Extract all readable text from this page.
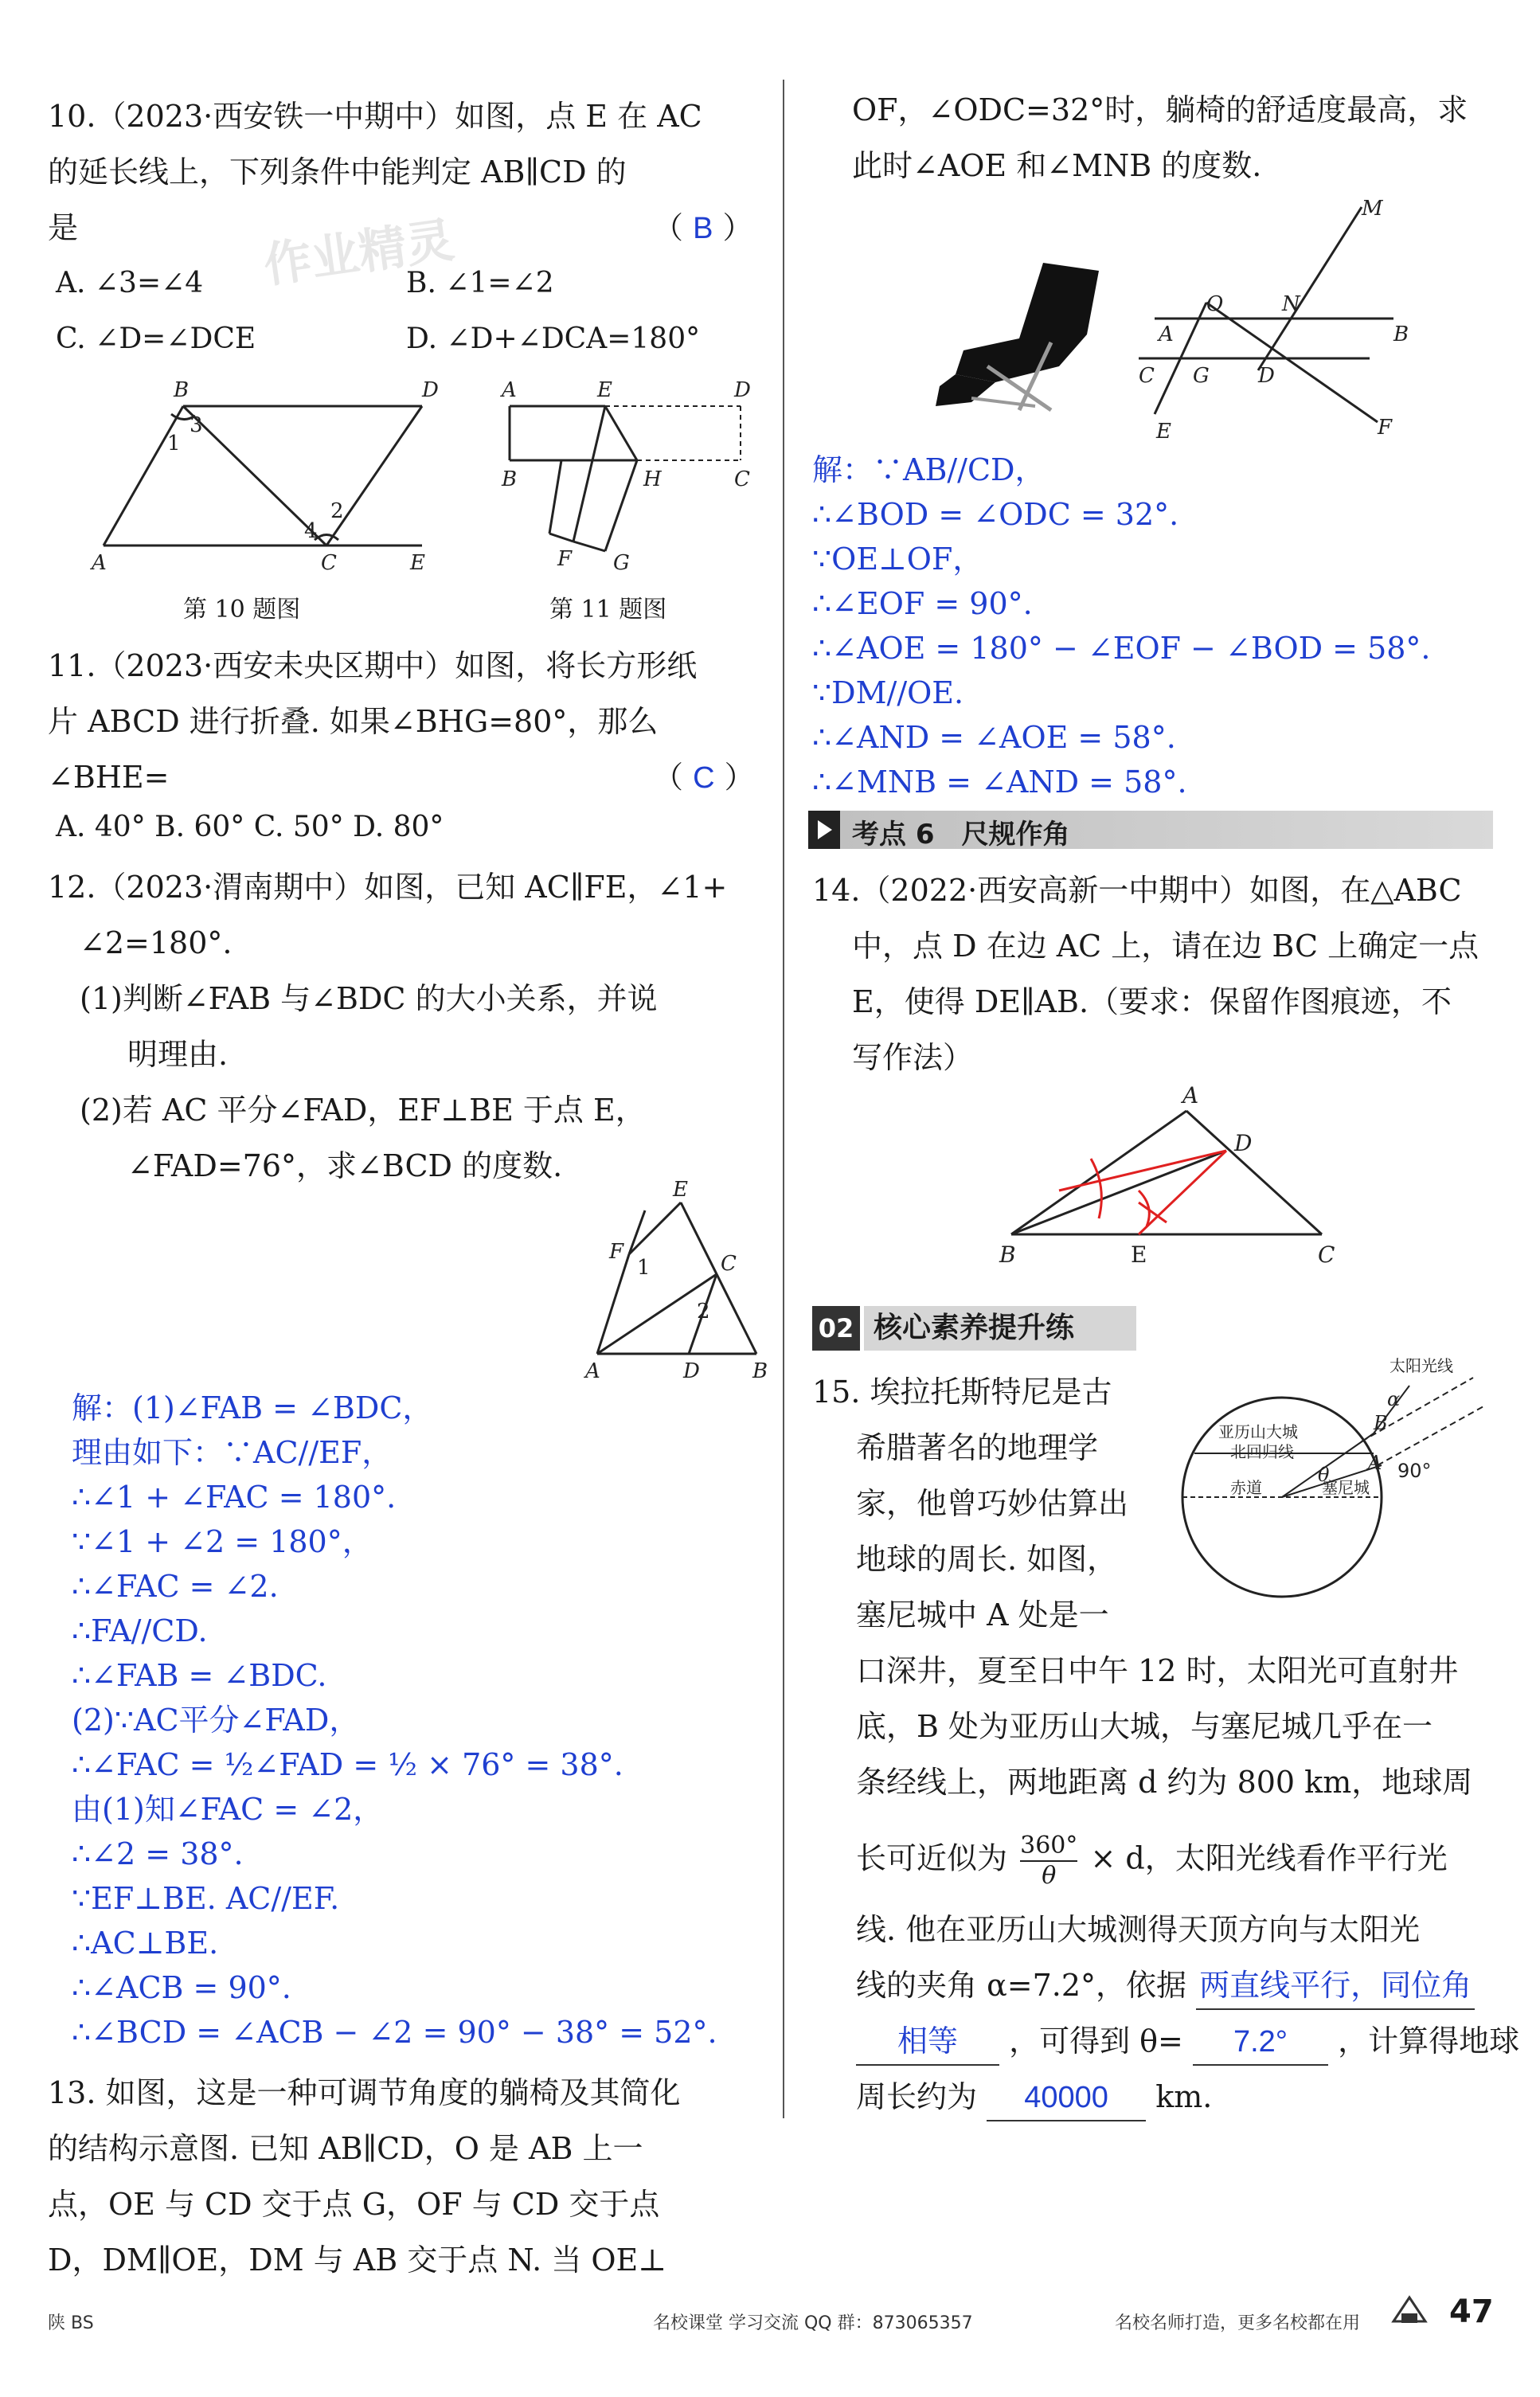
10.（2023·西安铁一中期中）如图，点 E 在 AC
的延长线上，下列条件中能判定 AB∥CD 的
是	（ B ）
作业精灵
A. ∠3=∠4	B. ∠1=∠2
C. ∠D=∠DCE	D. ∠D+∠DCA=180°
B	D
A	C	E
3
1
2
4
第 10 题图
A	E	D
B	H	C
F G
第 11 题图
11.（2023·西安未央区期中）如图，将长方形纸
片 ABCD 进行折叠. 如果∠BHG=80°，那么
∠BHE=	（ C ）
A. 40° B. 60° C. 50° D. 80°
12.（2023·渭南期中）如图，已知 AC∥FE，∠1+
∠2=180°.
(1)判断∠FAB 与∠BDC 的大小关系，并说
明理由.
(2)若 AC 平分∠FAD，EF⊥BE 于点 E，
∠FAD=76°，求∠BCD 的度数.
E
F	C
A	D	B
1
2
解：(1)∠FAB = ∠BDC，
理由如下：∵AC//EF，
∴∠1 + ∠FAC = 180°.
∵∠1 + ∠2 = 180°，
∴∠FAC = ∠2.
∴FA//CD.
∴∠FAB = ∠BDC.
(2)∵AC平分∠FAD，
∴∠FAC = ½∠FAD = ½ × 76° = 38°.
由(1)知∠FAC = ∠2，
∴∠2 = 38°.
∵EF⊥BE. AC//EF.
∴AC⊥BE.
∴∠ACB = 90°.
∴∠BCD = ∠ACB − ∠2 = 90° − 38° = 52°.
13. 如图，这是一种可调节角度的躺椅及其简化
的结构示意图. 已知 AB∥CD，O 是 AB 上一
点，OE 与 CD 交于点 G，OF 与 CD 交于点
D，DM∥OE，DM 与 AB 交于点 N. 当 OE⊥
OF，∠ODC=32°时，躺椅的舒适度最高，求
此时∠AOE 和∠MNB 的度数.
M
O	N
A	B
C G D
E	F
解：∵AB//CD，
∴∠BOD = ∠ODC = 32°.
∵OE⊥OF，
∴∠EOF = 90°.
∴∠AOE = 180° − ∠EOF − ∠BOD = 58°.
∵DM//OE.
∴∠AND = ∠AOE = 58°.
∴∠MNB = ∠AND = 58°.
考点 6　尺规作角
14.（2022·西安高新一中期中）如图，在△ABC
中，点 D 在边 AC 上，请在边 BC 上确定一点
E，使得 DE∥AB.（要求：保留作图痕迹，不
写作法）
A
D
B	C
E
02 核心素养提升练
15. 埃拉托斯特尼是古
希腊著名的地理学
家，他曾巧妙估算出
地球的周长. 如图，
塞尼城中 A 处是一
口深井，夏至日中午 12 时，太阳光可直射井
底，B 处为亚历山大城，与塞尼城几乎在一
条经线上，两地距离 d 约为 800 km，地球周
长可近似为 $\frac{360^\circ}{\theta} \times d$，太阳光线看作平行光
线. 他在亚历山大城测得天顶方向与太阳光
线的夹角 α=7.2°，依据 两直线平行，同位角
相等 ，可得到 θ= 7.2° ，计算得地球
周长约为 40000 km.
太阳光线
亚历山大城
北回归线
赤道	塞尼城
90°
B
A
α
θ
陕 BS	名校课堂 学习交流 QQ 群：873065357	名校名师打造，更多名校都在用	47
